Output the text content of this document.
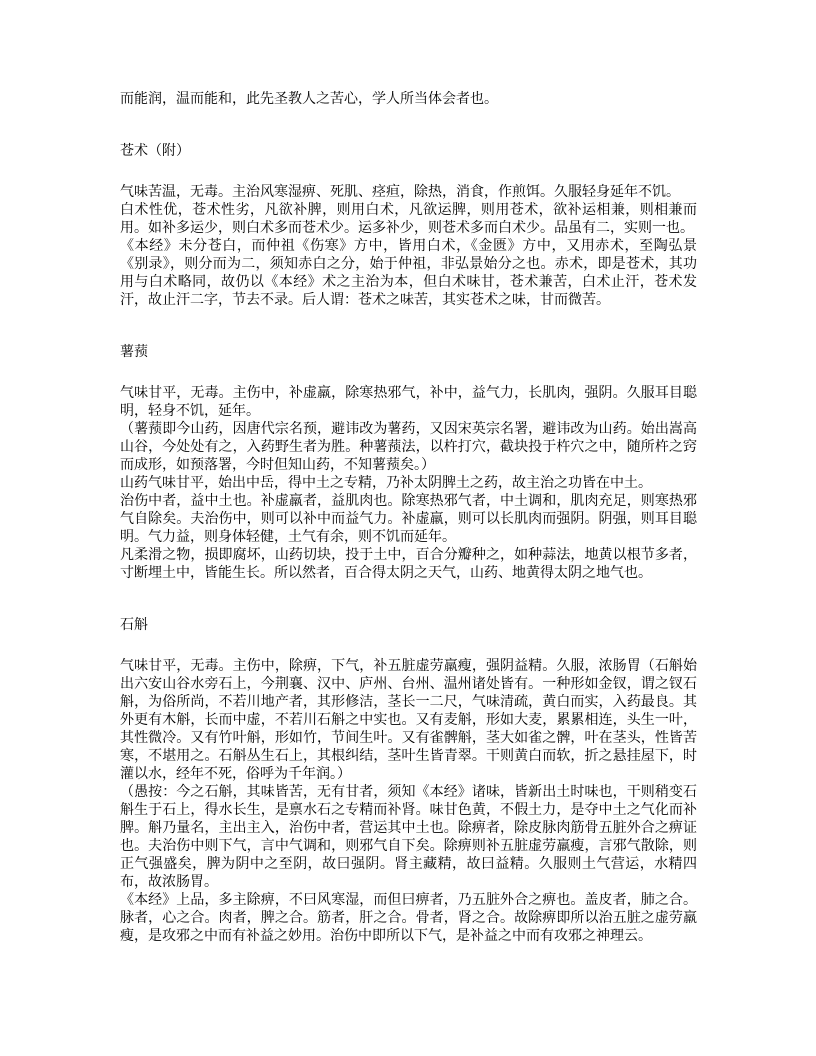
而能润，温而能和，此先圣教人之苦心，学人所当体会者也。

苍术（附）

气味苦温，无毒。主治风寒湿痹、死肌、痉疸，除热，消食，作煎饵。久服轻身延年不饥。

白术性优，苍术性劣，凡欲补脾，则用白术，凡欲运脾，则用苍术，欲补运相兼，则相兼而用。如补多运少，则白术多而苍术少。运多补少，则苍术多而白术少。品虽有二，实则一也。

《本经》未分苍白，而仲祖《伤寒》方中，皆用白术，《金匮》方中，又用赤术，至陶弘景《别录》，则分而为二，须知赤白之分，始于仲祖，非弘景始分之也。赤术，即是苍术，其功用与白术略同，故仍以《本经》术之主治为本，但白术味甘，苍术兼苦，白术止汗，苍术发汗，故止汗二字，节去不录。后人谓：苍术之味苦，其实苍术之味，甘而微苦。

薯蓣

气味甘平，无毒。主伤中，补虚羸，除寒热邪气，补中，益气力，长肌肉，强阴。久服耳目聪明，轻身不饥，延年。

（薯蓣即今山药，因唐代宗名预，避讳改为薯药，又因宋英宗名署，避讳改为山药。始出嵩高山谷，今处处有之，入药野生者为胜。种薯蓣法，以杵打穴，截块投于杵穴之中，随所杵之窍而成形，如预落署，今时但知山药，不知薯蓣矣。）

山药气味甘平，始出中岳，得中土之专精，乃补太阴脾土之药，故主治之功皆在中土。

治伤中者，益中土也。补虚羸者，益肌肉也。除寒热邪气者，中土调和，肌肉充足，则寒热邪气自除矣。夫治伤中，则可以补中而益气力。补虚羸，则可以长肌肉而强阴。阴强，则耳目聪明。气力益，则身体轻健，土气有余，则不饥而延年。

凡柔滑之物，损即腐坏，山药切块，投于土中，百合分瓣种之，如种蒜法，地黄以根节多者，寸断埋土中，皆能生长。所以然者，百合得太阴之天气，山药、地黄得太阴之地气也。

石斛

气味甘平，无毒。主伤中，除痹，下气，补五脏虚劳羸瘦，强阴益精。久服，浓肠胃（石斛始出六安山谷水旁石上，今荆襄、汉中、庐州、台州、温州诸处皆有。一种形如金钗，谓之钗石斛，为俗所尚，不若川地产者，其形修洁，茎长一二尺，气味清疏，黄白而实，入药最良。其外更有木斛，长而中虚，不若川石斛之中实也。又有麦斛，形如大麦，累累相连，头生一叶，其性微冷。又有竹叶斛，形如竹，节间生叶。又有雀髀斛，茎大如雀之髀，叶在茎头，性皆苦寒，不堪用之。石斛丛生石上，其根纠结，茎叶生皆青翠。干则黄白而软，折之悬挂屋下，时灌以水，经年不死，俗呼为千年润。）

（愚按：今之石斛，其味皆苦，无有甘者，须知《本经》诸味，皆新出土时味也，干则稍变石斛生于石上，得水长生，是禀水石之专精而补肾。味甘色黄，不假土力，是夺中土之气化而补脾。斛乃量名，主出主入，治伤中者，营运其中土也。除痹者，除皮脉肉筋骨五脏外合之痹证也。夫治伤中则下气，言中气调和，则邪气自下矣。除痹则补五脏虚劳羸瘦，言邪气散除，则正气强盛矣，脾为阴中之至阴，故曰强阴。肾主藏精，故曰益精。久服则土气营运，水精四布，故浓肠胃。

《本经》上品，多主除痹，不曰风寒湿，而但曰痹者，乃五脏外合之痹也。盖皮者，肺之合。脉者，心之合。肉者，脾之合。筋者，肝之合。骨者，肾之合。故除痹即所以治五脏之虚劳羸瘦，是攻邪之中而有补益之妙用。治伤中即所以下气，是补益之中而有攻邪之神理云。
